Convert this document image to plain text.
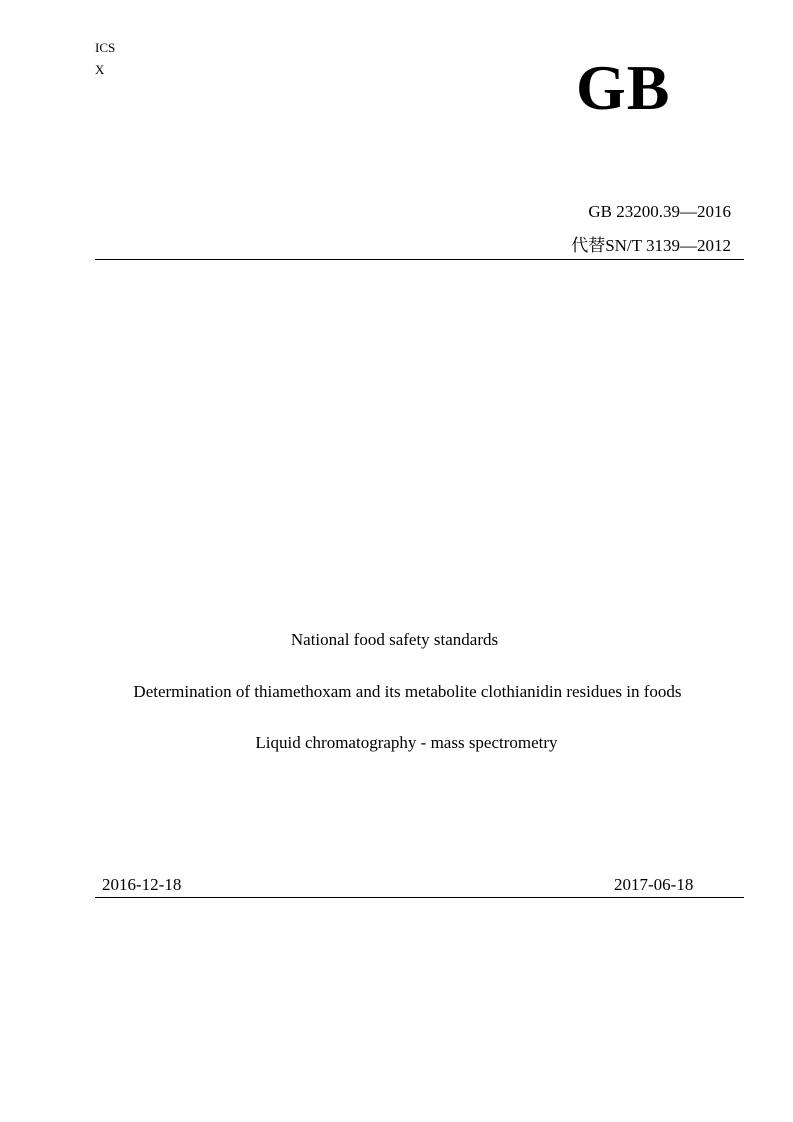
ICS
X	GB
GB 23200.39—2016
代替SN/T 3139—2012
National food safety standards
Determination of thiamethoxam and its metabolite clothianidin residues in foods
Liquid chromatography - mass spectrometry
2016-12-18	2017-06-18
